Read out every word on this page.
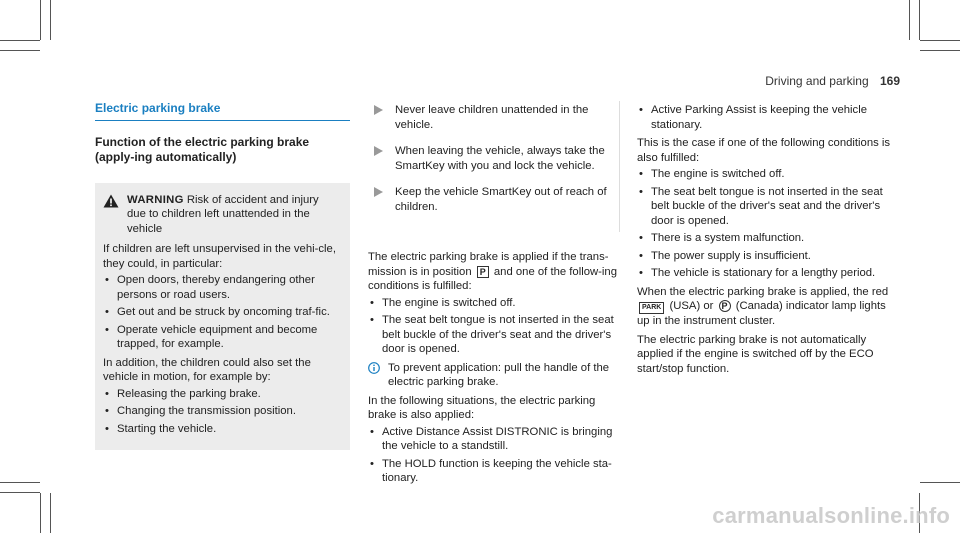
Driving and parking 169
Electric parking brake
Function of the electric parking brake (apply-ing automatically)
WARNING Risk of accident and injury due to children left unattended in the vehicle
If children are left unsupervised in the vehi-cle, they could, in particular:
• Open doors, thereby endangering other persons or road users.
• Get out and be struck by oncoming traf-fic.
• Operate vehicle equipment and become trapped, for example.
In addition, the children could also set the vehicle in motion, for example by:
• Releasing the parking brake.
• Changing the transmission position.
• Starting the vehicle.
Never leave children unattended in the vehicle.
When leaving the vehicle, always take the SmartKey with you and lock the vehicle.
Keep the vehicle SmartKey out of reach of children.
The electric parking brake is applied if the trans-mission is in position P and one of the follow-ing conditions is fulfilled:
• The engine is switched off.
• The seat belt tongue is not inserted in the seat belt buckle of the driver's seat and the driver's door is opened.
To prevent application: pull the handle of the electric parking brake.
In the following situations, the electric parking brake is also applied:
• Active Distance Assist DISTRONIC is bringing the vehicle to a standstill.
• The HOLD function is keeping the vehicle sta-tionary.
• Active Parking Assist is keeping the vehicle stationary.
This is the case if one of the following conditions is also fulfilled:
• The engine is switched off.
• The seat belt tongue is not inserted in the seat belt buckle of the driver's seat and the driver's door is opened.
• There is a system malfunction.
• The power supply is insufficient.
• The vehicle is stationary for a lengthy period.
When the electric parking brake is applied, the red PARK (USA) or P (Canada) indicator lamp lights up in the instrument cluster.
The electric parking brake is not automatically applied if the engine is switched off by the ECO start/stop function.
carmanualsonline.info
